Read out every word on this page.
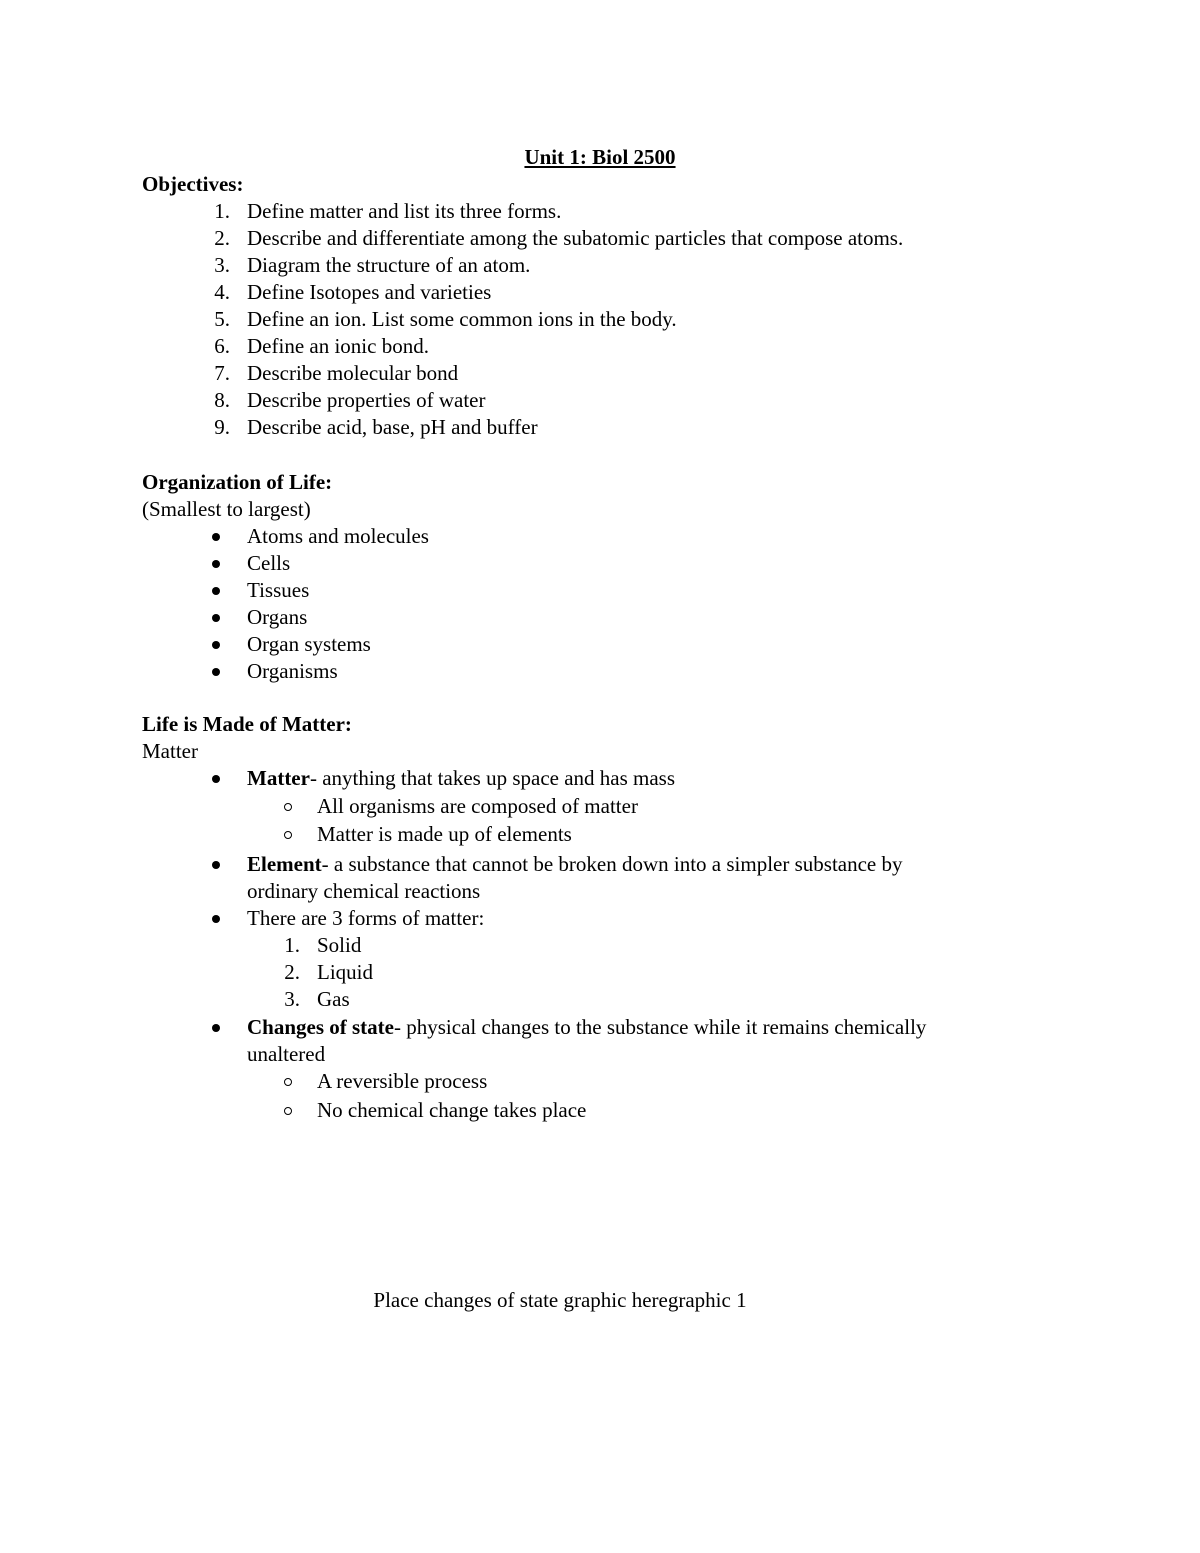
Unit 1: Biol 2500
Objectives:
1. Define matter and list its three forms.
2. Describe and differentiate among the subatomic particles that compose atoms.
3. Diagram the structure of an atom.
4. Define Isotopes and varieties
5. Define an ion. List some common ions in the body.
6. Define an ionic bond.
7. Describe molecular bond
8. Describe properties of water
9. Describe acid, base, pH and buffer
Organization of Life:
(Smallest to largest)
Atoms and molecules
Cells
Tissues
Organs
Organ systems
Organisms
Life is Made of Matter:
Matter
Matter- anything that takes up space and has mass
All organisms are composed of matter
Matter is made up of elements
Element- a substance that cannot be broken down into a simpler substance by
ordinary chemical reactions
There are 3 forms of matter:
1. Solid
2. Liquid
3. Gas
Changes of state- physical changes to the substance while it remains chemically
unaltered
A reversible process
No chemical change takes place
Place changes of state graphic heregraphic 1
